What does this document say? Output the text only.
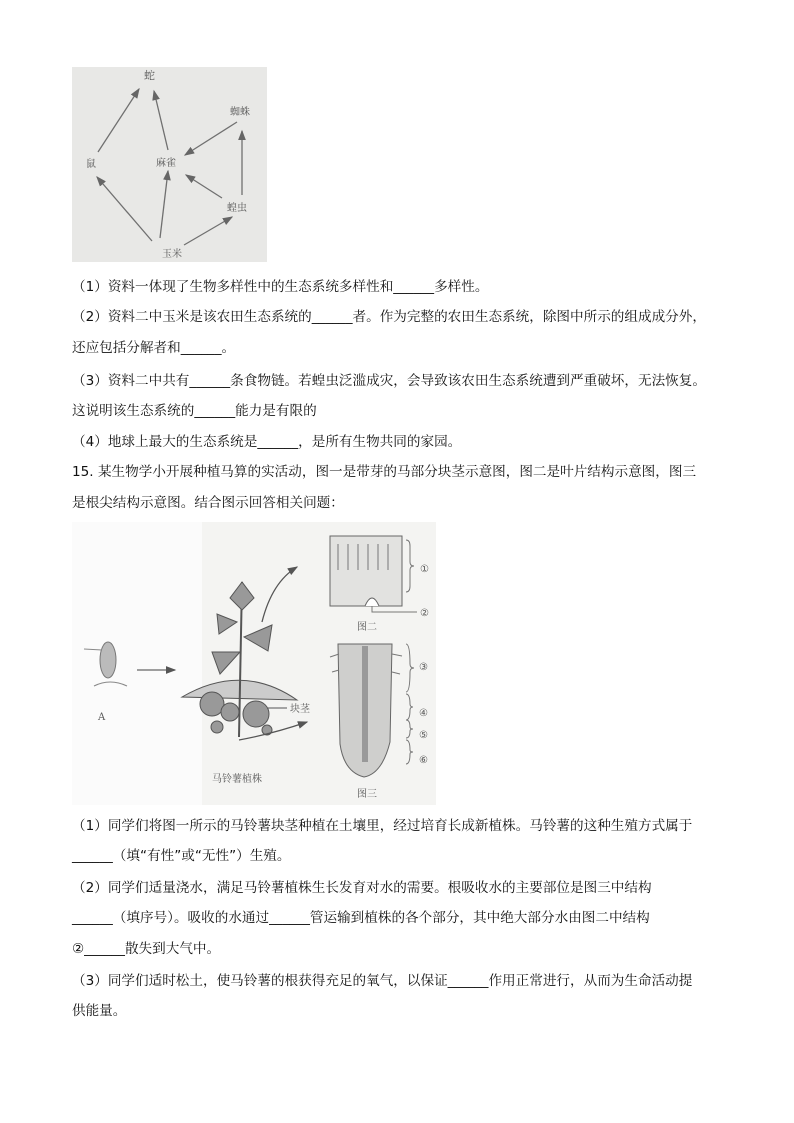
蛇
蜘蛛
鼠	麻雀
蝗虫
玉米
（1）资料一体现了生物多样性中的生态系统多样性和______多样性。
（2）资料二中玉米是该农田生态系统的______者。作为完整的农田生态系统，除图中所示的组成成分外，
还应包括分解者和______。
（3）资料二中共有______条食物链。若蝗虫泛滥成灾，会导致该农田生态系统遭到严重破坏，无法恢复。
这说明该生态系统的______能力是有限的
（4）地球上最大的生态系统是______，是所有生物共同的家园。
15. 某生物学小开展种植马算的实活动，图一是带芽的马部分块茎示意图，图二是叶片结构示意图，图三
是根尖结构示意图。结合图示回答相关问题：
A
块茎
马铃薯植株
①
②
图二
③
④
⑤
⑥
图三
（1）同学们将图一所示的马铃薯块茎种植在土壤里，经过培育长成新植株。马铃薯的这种生殖方式属于
______（填“有性”或“无性”）生殖。
（2）同学们适量浇水，满足马铃薯植株生长发育对水的需要。根吸收水的主要部位是图三中结构
______（填序号）。吸收的水通过______管运输到植株的各个部分，其中绝大部分水由图二中结构
②______散失到大气中。
（3）同学们适时松土，使马铃薯的根获得充足的氧气，以保证______作用正常进行，从而为生命活动提
供能量。
